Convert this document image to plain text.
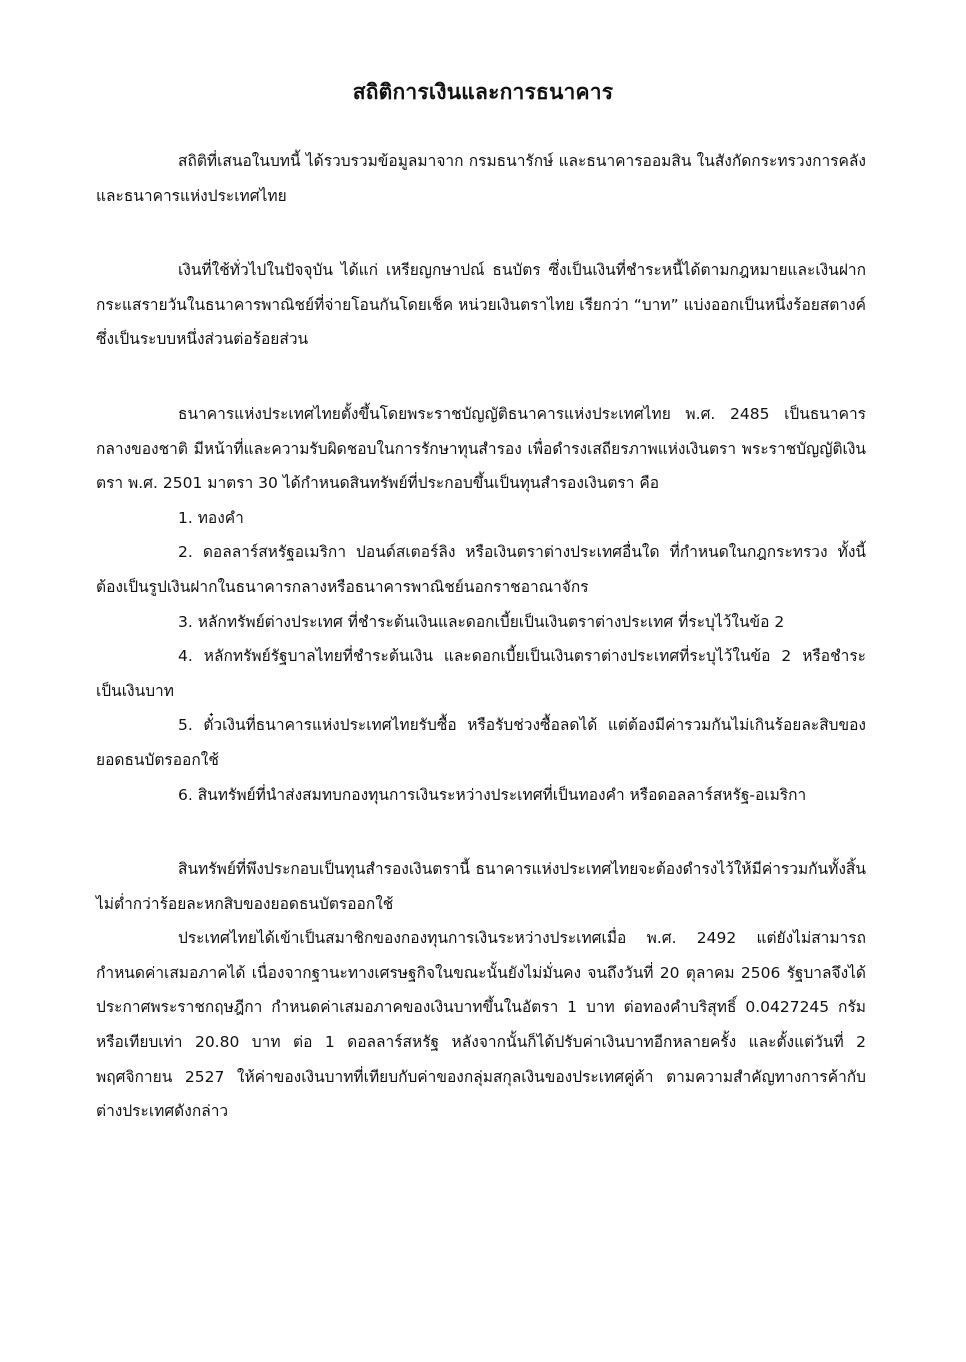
สถิติการเงินและการธนาคาร

สถิติที่เสนอในบทนี้ ได้รวบรวมข้อมูลมาจาก กรมธนารักษ์ และธนาคารออมสิน ในสังกัดกระทรวงการคลัง และธนาคารแห่งประเทศไทย

เงินที่ใช้ทั่วไปในปัจจุบัน ได้แก่ เหรียญกษาปณ์ ธนบัตร ซึ่งเป็นเงินที่ชำระหนี้ได้ตามกฎหมายและเงินฝากกระแสรายวันในธนาคารพาณิชย์ที่จ่ายโอนกันโดยเช็ค หน่วยเงินตราไทย เรียกว่า “บาท” แบ่งออกเป็นหนึ่งร้อยสตางค์ ซึ่งเป็นระบบหนึ่งส่วนต่อร้อยส่วน

ธนาคารแห่งประเทศไทยตั้งขึ้นโดยพระราชบัญญัติธนาคารแห่งประเทศไทย พ.ศ. 2485 เป็นธนาคารกลางของชาติ มีหน้าที่และความรับผิดชอบในการรักษาทุนสำรอง เพื่อดำรงเสถียรภาพแห่งเงินตรา พระราชบัญญัติเงินตรา พ.ศ. 2501 มาตรา 30 ได้กำหนดสินทรัพย์ที่ประกอบขึ้นเป็นทุนสำรองเงินตรา คือ

1. ทองคำ

2. ดอลลาร์สหรัฐอเมริกา ปอนด์สเตอร์ลิง หรือเงินตราต่างประเทศอื่นใด ที่กำหนดในกฎกระทรวง ทั้งนี้ต้องเป็นรูปเงินฝากในธนาคารกลางหรือธนาคารพาณิชย์นอกราชอาณาจักร

3. หลักทรัพย์ต่างประเทศ ที่ชำระต้นเงินและดอกเบี้ยเป็นเงินตราต่างประเทศ ที่ระบุไว้ในข้อ 2

4. หลักทรัพย์รัฐบาลไทยที่ชำระต้นเงิน และดอกเบี้ยเป็นเงินตราต่างประเทศที่ระบุไว้ในข้อ 2 หรือชำระเป็นเงินบาท

5. ตั๋วเงินที่ธนาคารแห่งประเทศไทยรับซื้อ หรือรับช่วงซื้อลดได้ แต่ต้องมีค่ารวมกันไม่เกินร้อยละสิบของยอดธนบัตรออกใช้

6. สินทรัพย์ที่นำส่งสมทบกองทุนการเงินระหว่างประเทศที่เป็นทองคำ หรือดอลลาร์สหรัฐ-อเมริกา

สินทรัพย์ที่พึงประกอบเป็นทุนสำรองเงินตรานี้ ธนาคารแห่งประเทศไทยจะต้องดำรงไว้ให้มีค่ารวมกันทั้งสิ้นไม่ต่ำกว่าร้อยละหกสิบของยอดธนบัตรออกใช้

ประเทศไทยได้เข้าเป็นสมาชิกของกองทุนการเงินระหว่างประเทศเมื่อ พ.ศ. 2492 แต่ยังไม่สามารถกำหนดค่าเสมอภาคได้ เนื่องจากฐานะทางเศรษฐกิจในขณะนั้นยังไม่มั่นคง จนถึงวันที่ 20 ตุลาคม 2506 รัฐบาลจึงได้ประกาศพระราชกฤษฎีกา กำหนดค่าเสมอภาคของเงินบาทขึ้นในอัตรา 1 บาท ต่อทองคำบริสุทธิ์ 0.0427245 กรัม หรือเทียบเท่า 20.80 บาท ต่อ 1 ดอลลาร์สหรัฐ หลังจากนั้นก็ได้ปรับค่าเงินบาทอีกหลายครั้ง และตั้งแต่วันที่ 2 พฤศจิกายน 2527 ให้ค่าของเงินบาทที่เทียบกับค่าของกลุ่มสกุลเงินของประเทศคู่ค้า ตามความสำคัญทางการค้ากับต่างประเทศดังกล่าว
